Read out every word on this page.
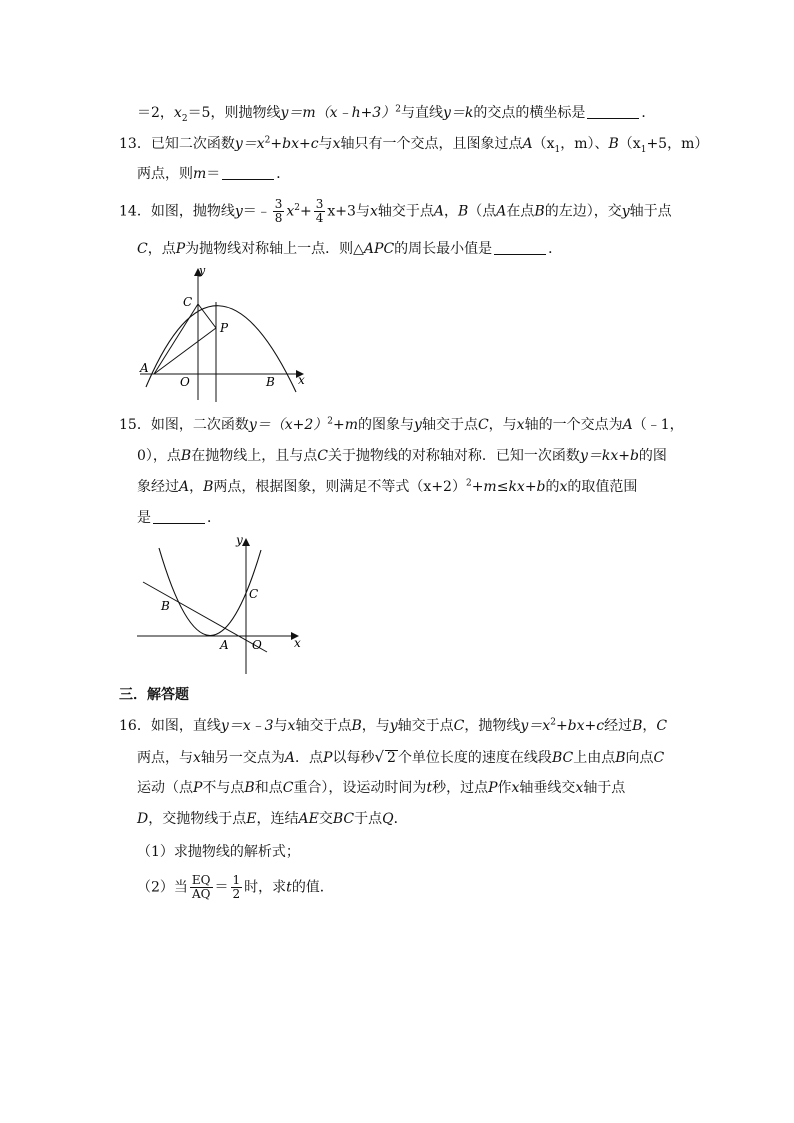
＝2，$x_2=5$，则抛物线y＝m（x﹣h+3）$^2$与直线y＝k的交点的横坐标是	．
13．已知二次函数$y=x^2+bx+c$与x轴只有一个交点，且图象过点$A(x_1$，m）、$B(x_1+5$，m）
两点，则m＝	．
14．如图，抛物线y＝﹣ $\frac{3}{8} x^2+ \frac{3}{4} x+3$与x轴交于点A，B（点A在点B的左边），交y轴于点
C，点P为抛物线对称轴上一点．则△APC的周长最小值是	．
y
C
P
A
O	B x
15．如图，二次函数$y=(x+2)^2+m$的图象与y轴交于点C，与x轴的一个交点为A（﹣1，
0），点B在抛物线上，且与点C关于抛物线的对称轴对称．已知一次函数y＝kx+b的图
象经过A，B两点，根据图象，则满足不等式$(x+2)^2+m\le kx+b$的x的取值范围
是	．
y
C
B
A O	x
三．解答题
16．如图，直线y＝x﹣3与x轴交于点B，与y轴交于点C，抛物线$y=x^2+bx+c$经过B，C
两点，与x轴另一交点为A．点P以每秒√ 2 个单位长度的速度在线段BC上由点B向点C
运动（点P不与点B和点C重合），设运动时间为t秒，过点P作x轴垂线交x轴于点
D，交抛物线于点E，连结AE交BC于点Q．
（1）求抛物线的解析式；
（2）当 $\frac{EQ}{AQ} = \frac{1}{2}$ 时，求t的值．
